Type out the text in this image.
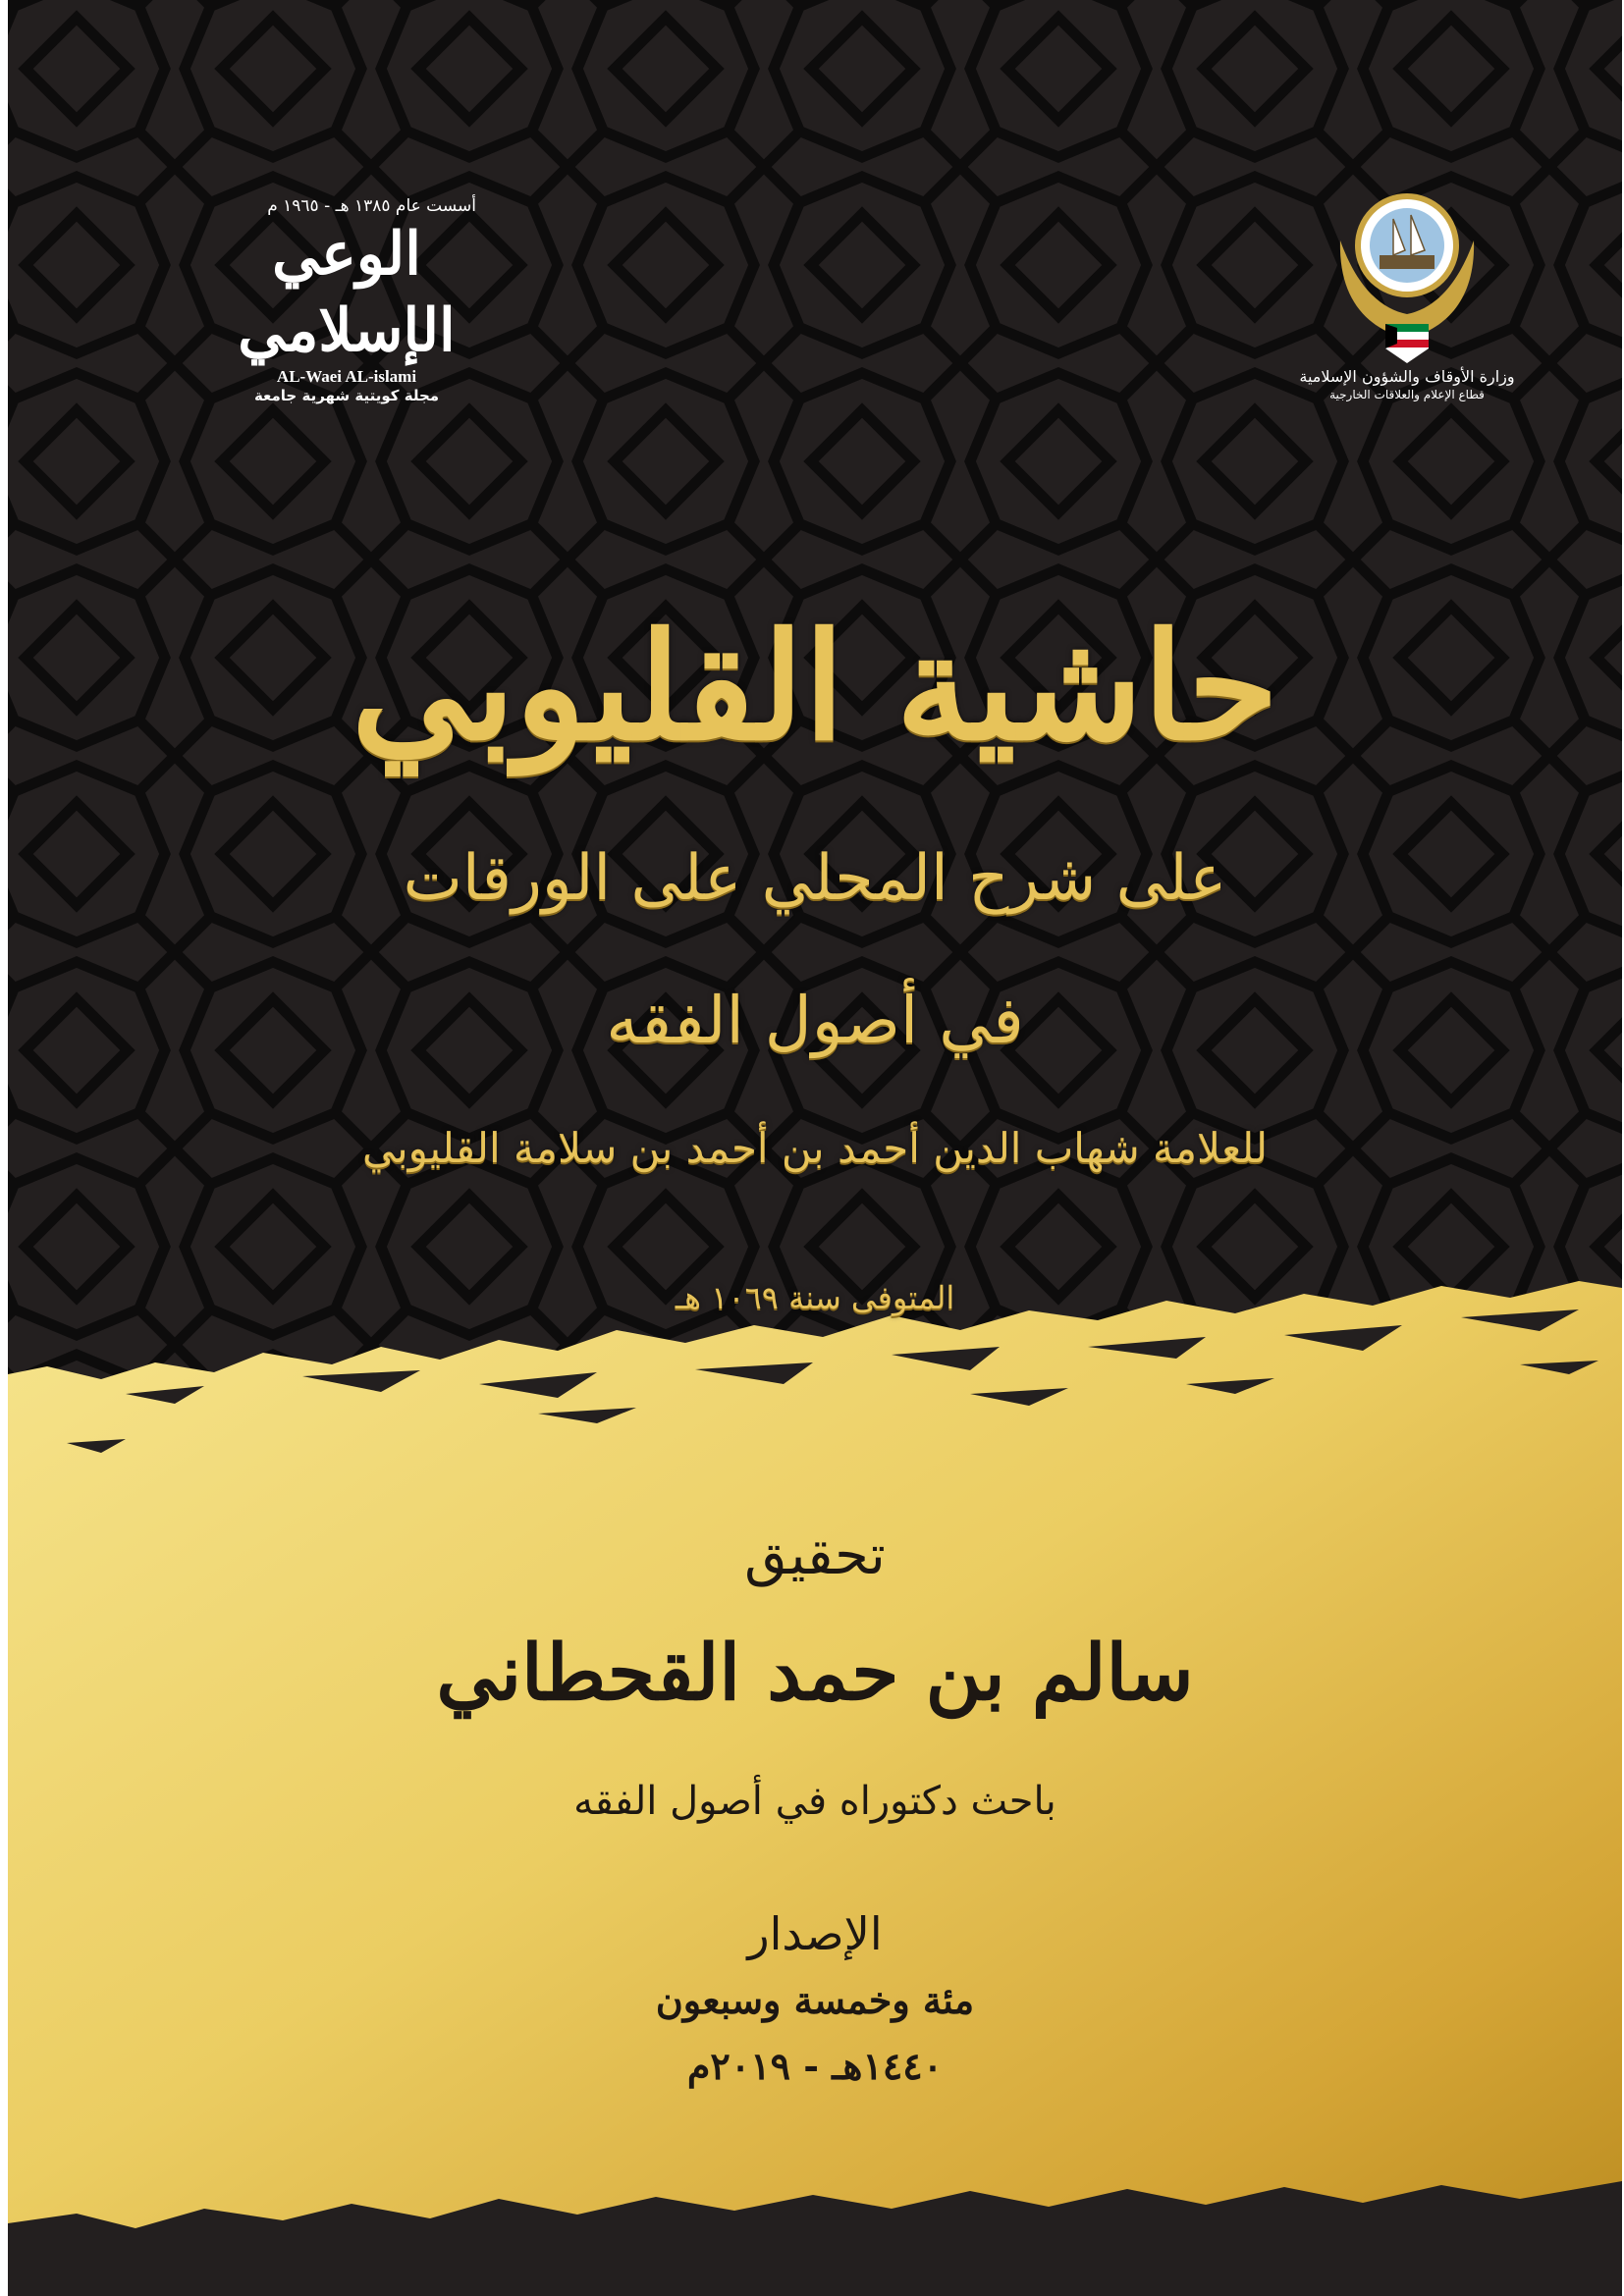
أسست عام ١٣٨٥ هـ - ١٩٦٥ م
الوعي الإسلامي
AL-Waei AL-islami
مجلة كويتية شهرية جامعة
وزارة الأوقاف والشؤون الإسلامية
قطاع الإعلام والعلاقات الخارجية
حاشية القليوبي
على شرح المحلي على الورقات
في أصول الفقه
للعلامة شهاب الدين أحمد بن أحمد بن سلامة القليوبي
المتوفى سنة ١٠٦٩ هـ
تحقيق
سالم بن حمد القحطاني
باحث دكتوراه في أصول الفقه
الإصدار
مئة وخمسة وسبعون
١٤٤٠هـ - ٢٠١٩م
